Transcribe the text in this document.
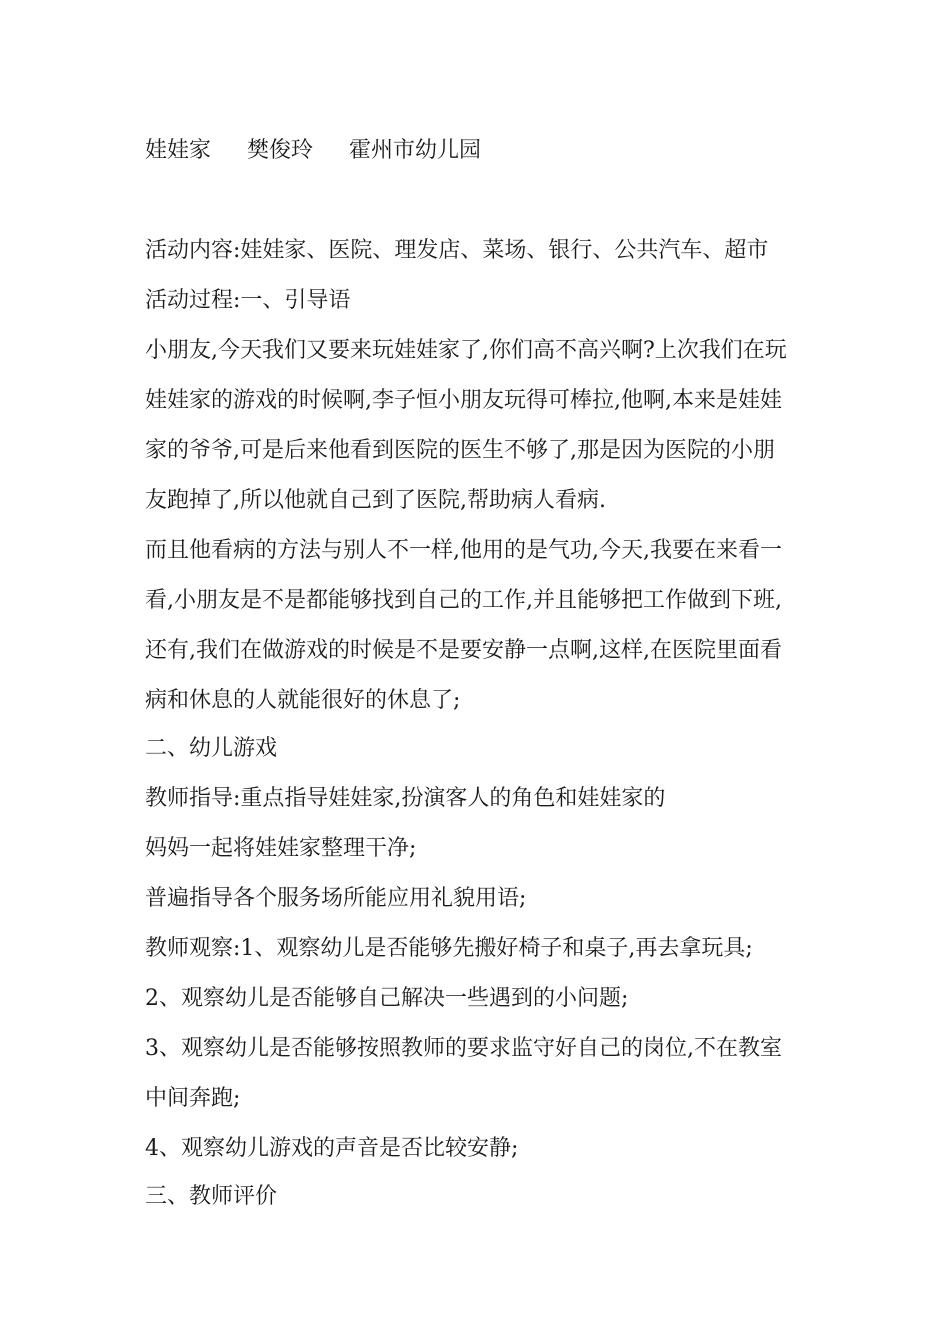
娃娃家 樊俊玲 霍州市幼儿园
活动内容:娃娃家、医院、理发店、菜场、银行、公共汽车、超市
活动过程:一、引导语
小朋友,今天我们又要来玩娃娃家了,你们高不高兴啊?上次我们在玩
娃娃家的游戏的时候啊,李子恒小朋友玩得可棒拉,他啊,本来是娃娃
家的爷爷,可是后来他看到医院的医生不够了,那是因为医院的小朋
友跑掉了,所以他就自己到了医院,帮助病人看病.
而且他看病的方法与别人不一样,他用的是气功,今天,我要在来看一
看,小朋友是不是都能够找到自己的工作,并且能够把工作做到下班,
还有,我们在做游戏的时候是不是要安静一点啊,这样,在医院里面看
病和休息的人就能很好的休息了;
二、幼儿游戏
教师指导:重点指导娃娃家,扮演客人的角色和娃娃家的
妈妈一起将娃娃家整理干净;
普遍指导各个服务场所能应用礼貌用语;
教师观察:1、观察幼儿是否能够先搬好椅子和桌子,再去拿玩具;
2、观察幼儿是否能够自己解决一些遇到的小问题;
3、观察幼儿是否能够按照教师的要求监守好自己的岗位,不在教室
中间奔跑;
4、观察幼儿游戏的声音是否比较安静;
三、教师评价
